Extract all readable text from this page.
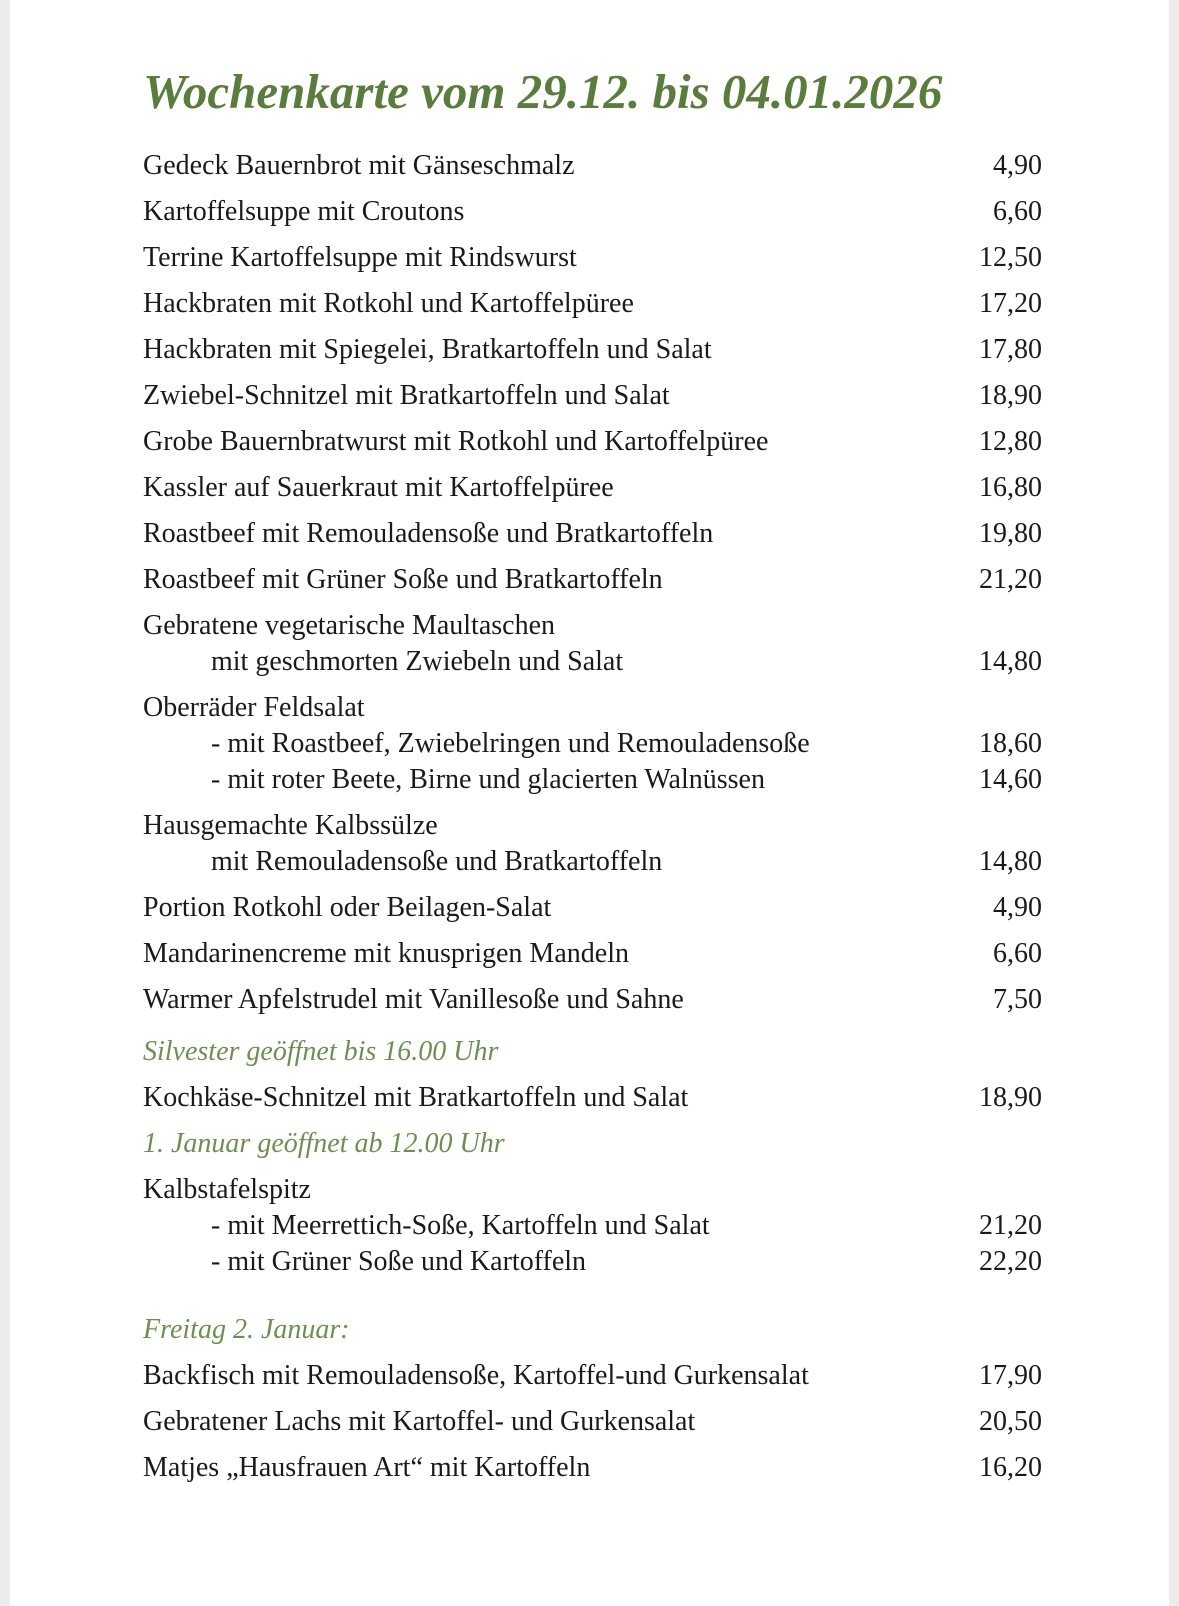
Wochenkarte vom 29.12. bis 04.01.2026
Gedeck Bauernbrot mit Gänseschmalz	4,90
Kartoffelsuppe mit Croutons	6,60
Terrine Kartoffelsuppe mit Rindswurst	12,50
Hackbraten mit Rotkohl und Kartoffelpüree	17,20
Hackbraten mit Spiegelei, Bratkartoffeln und Salat	17,80
Zwiebel-Schnitzel mit Bratkartoffeln und Salat	18,90
Grobe Bauernbratwurst mit Rotkohl und Kartoffelpüree	12,80
Kassler auf Sauerkraut mit Kartoffelpüree	16,80
Roastbeef mit Remouladensoße und Bratkartoffeln	19,80
Roastbeef mit Grüner Soße und Bratkartoffeln	21,20
Gebratene vegetarische Maultaschen
mit geschmorten Zwiebeln und Salat	14,80
Oberräder Feldsalat
- mit Roastbeef, Zwiebelringen und Remouladensoße	18,60
- mit roter Beete, Birne und glacierten Walnüssen	14,60
Hausgemachte Kalbssülze
mit Remouladensoße und Bratkartoffeln	14,80
Portion Rotkohl oder Beilagen-Salat	4,90
Mandarinencreme mit knusprigen Mandeln	6,60
Warmer Apfelstrudel mit Vanillesoße und Sahne	7,50
Silvester geöffnet bis 16.00 Uhr
Kochkäse-Schnitzel mit Bratkartoffeln und Salat	18,90
1. Januar geöffnet ab 12.00 Uhr
Kalbstafelspitz
- mit Meerrettich-Soße, Kartoffeln und Salat	21,20
- mit Grüner Soße und Kartoffeln	22,20
Freitag 2. Januar:
Backfisch mit Remouladensoße, Kartoffel-und Gurkensalat	17,90
Gebratener Lachs mit Kartoffel- und Gurkensalat	20,50
Matjes „Hausfrauen Art“ mit Kartoffeln	16,20
